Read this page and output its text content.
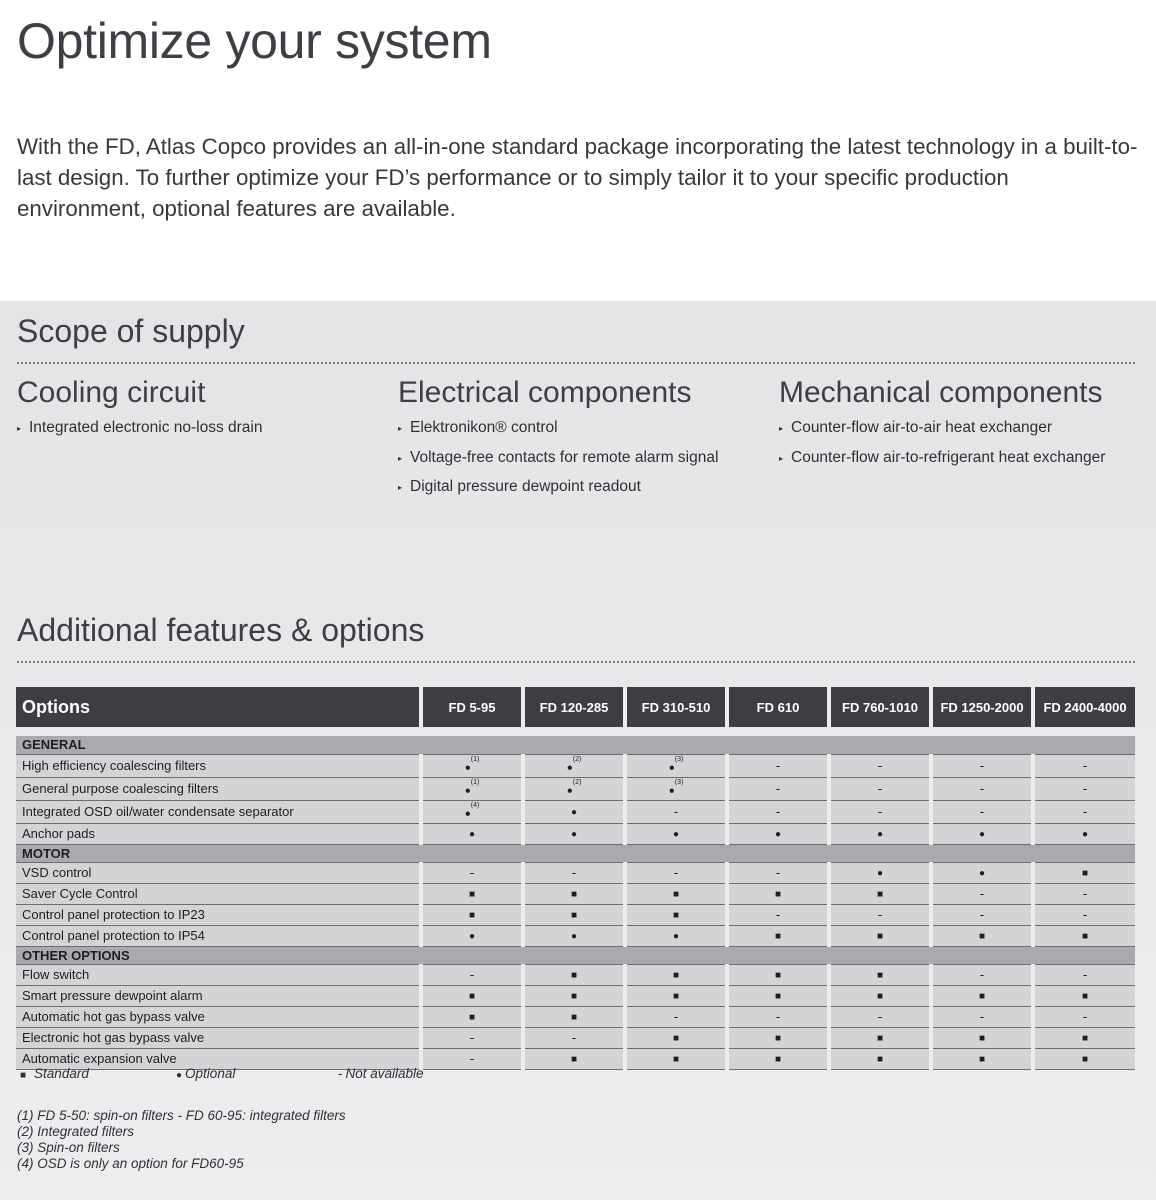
Optimize your system

With the FD, Atlas Copco provides an all-in-one standard package incorporating the latest technology in a built-to-last design. To further optimize your FD’s performance or to simply tailor it to your specific production environment, optional features are available.

Scope of supply
Cooling circuit
▸ Integrated electronic no-loss drain
Electrical components
▸ Elektronikon® control
▸ Voltage-free contacts for remote alarm signal
▸ Digital pressure dewpoint readout
Mechanical components
▸ Counter-flow air-to-air heat exchanger
▸ Counter-flow air-to-refrigerant heat exchanger
Additional features & options
Options	FD 5-95	FD 120-285	FD 310-510	FD 610	FD 760-1010	FD 1250-2000	FD 2400-4000

GENERAL							
High efficiency coalescing filters	●$^{(1)}$	●$^{(2)}$	●$^{(3)}$	-	-	-	-
General purpose coalescing filters	●$^{(1)}$	●$^{(2)}$	●$^{(3)}$	-	-	-	-
Integrated OSD oil/water condensate separator	●$^{(4)}$	●	-	-	-	-	-
Anchor pads	●	●	●	●	●	●	●
MOTOR							
VSD control	-	-	-	-	●	●	■
Saver Cycle Control	■	■	■	■	■	-	-
Control panel protection to IP23	■	■	■	-	-	-	-
Control panel protection to IP54	●	●	●	■	■	■	■
OTHER OPTIONS							
Flow switch	-	■	■	■	■	-	-
Smart pressure dewpoint alarm	■	■	■	■	■	■	■
Automatic hot gas bypass valve	■	■	-	-	-	-	-
Electronic hot gas bypass valve	-	-	■	■	■	■	■
Automatic expansion valve	-	■	■	■	■	■	■
■ Standard	● Optional	- Not available
(1) FD 5-50: spin-on filters - FD 60-95: integrated filters
(2) Integrated filters
(3) Spin-on filters
(4) OSD is only an option for FD60-95
